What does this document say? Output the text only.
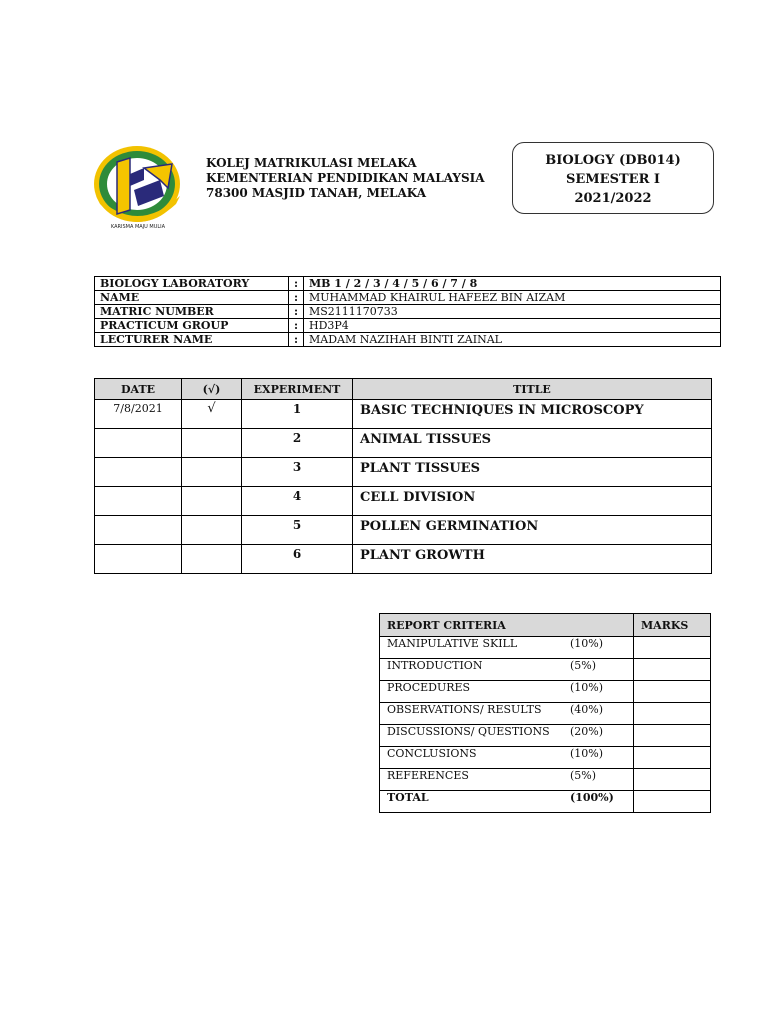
KARISMA MAJU MULIA
KOLEJ MATRIKULASI MELAKA
KEMENTERIAN PENDIDIKAN MALAYSIA
78300 MASJID TANAH, MELAKA
BIOLOGY (DB014)
SEMESTER I
2021/2022
BIOLOGY LABORATORY	:	MB 1 / 2 / 3 / 4 / 5 / 6 / 7 / 8
NAME	:	MUHAMMAD KHAIRUL HAFEEZ BIN AIZAM
MATRIC NUMBER	:	MS2111170733
PRACTICUM GROUP	:	HD3P4
LECTURER NAME	:	MADAM NAZIHAH BINTI ZAINAL
DATE	(√)	EXPERIMENT	TITLE
7/8/2021	√	1	BASIC TECHNIQUES IN MICROSCOPY
		2	ANIMAL TISSUES
		3	PLANT TISSUES
		4	CELL DIVISION
		5	POLLEN GERMINATION
		6	PLANT GROWTH
REPORT CRITERIA		MARKS
MANIPULATIVE SKILL	(10%)	
INTRODUCTION	(5%)	
PROCEDURES	(10%)	
OBSERVATIONS/ RESULTS	(40%)	
DISCUSSIONS/ QUESTIONS	(20%)	
CONCLUSIONS	(10%)	
REFERENCES	(5%)	
TOTAL	(100%)	
